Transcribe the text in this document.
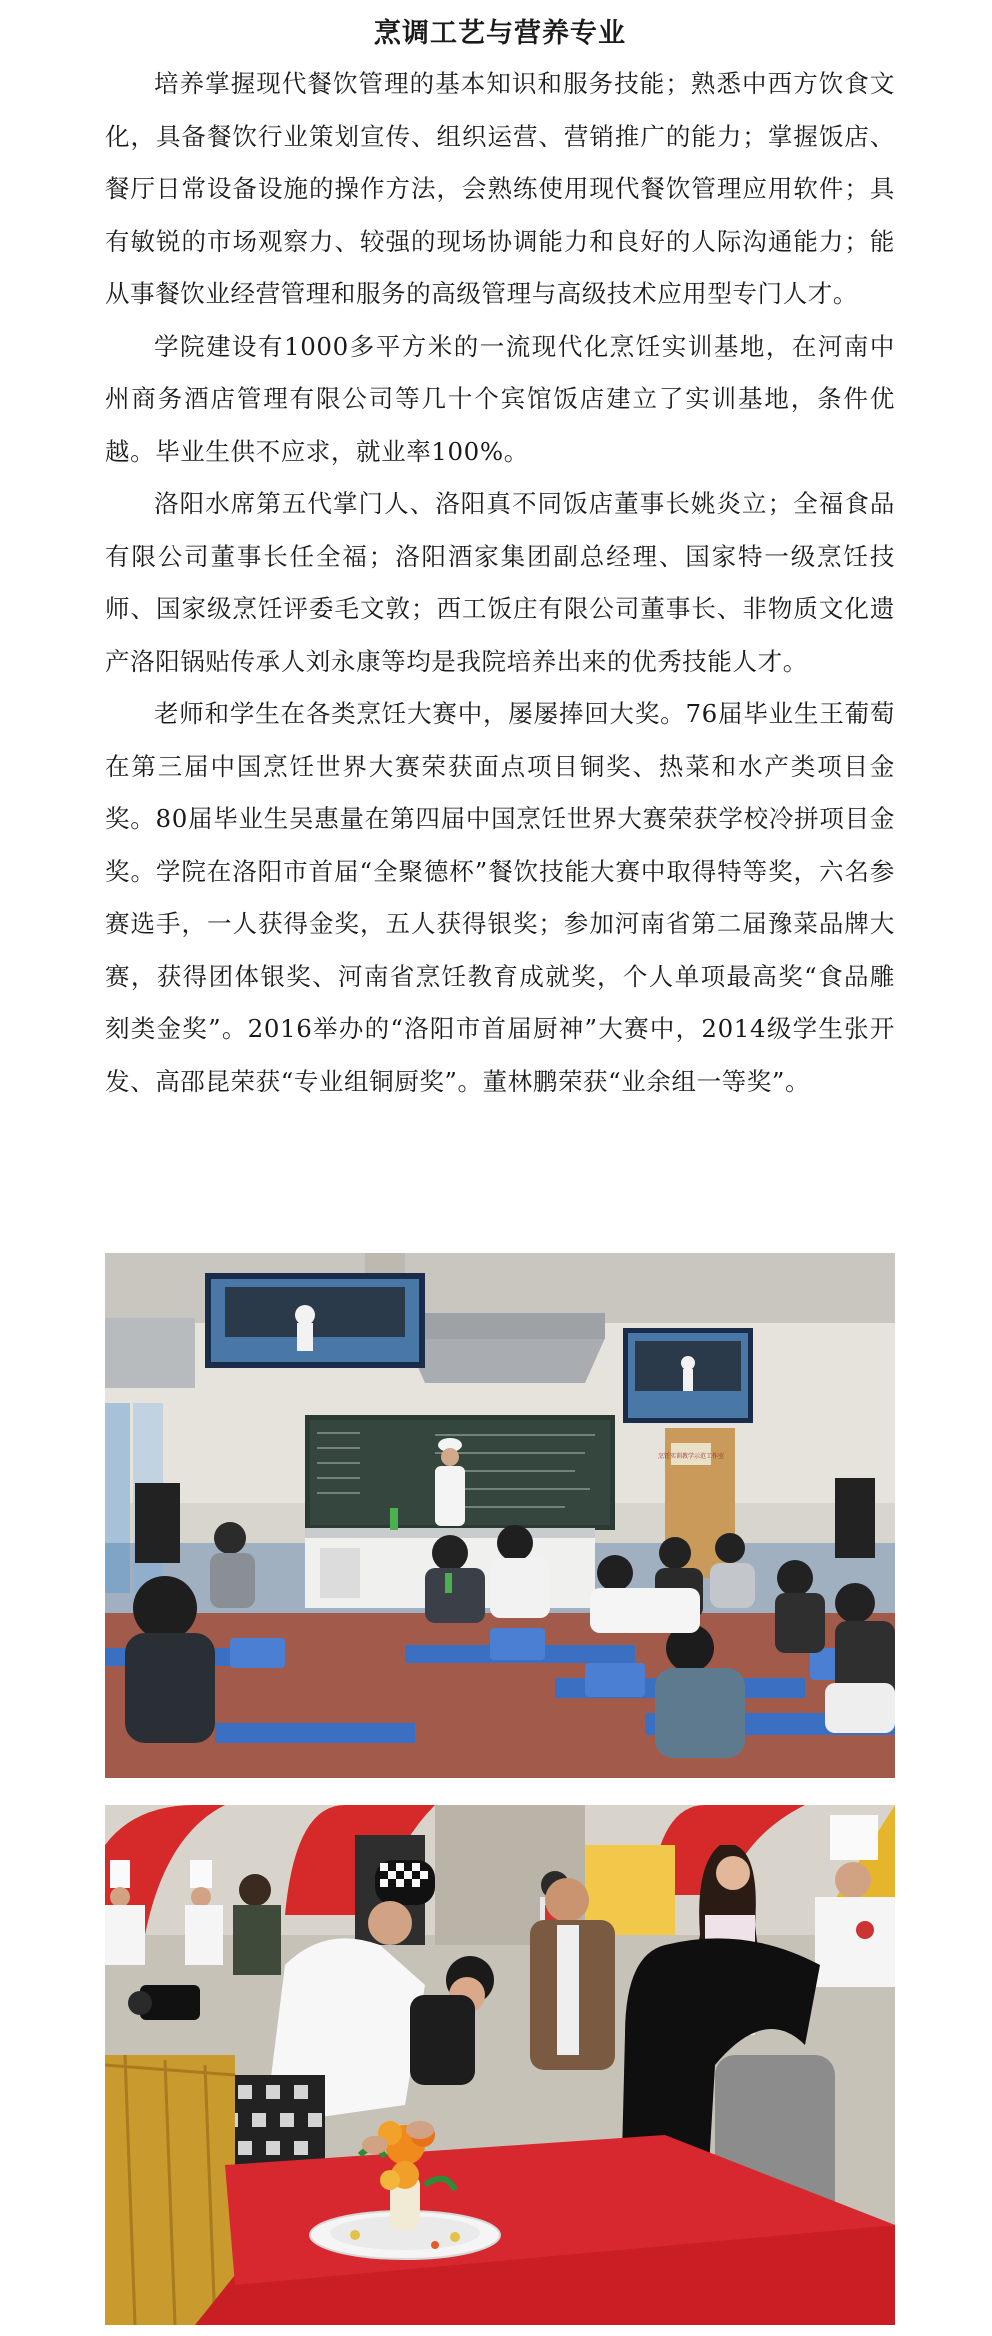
烹调工艺与营养专业

培养掌握现代餐饮管理的基本知识和服务技能；熟悉中西方饮食文化，具备餐饮行业策划宣传、组织运营、营销推广的能力；掌握饭店、餐厅日常设备设施的操作方法，会熟练使用现代餐饮管理应用软件；具有敏锐的市场观察力、较强的现场协调能力和良好的人际沟通能力；能从事餐饮业经营管理和服务的高级管理与高级技术应用型专门人才。

学院建设有1000多平方米的一流现代化烹饪实训基地，在河南中州商务酒店管理有限公司等几十个宾馆饭店建立了实训基地，条件优越。毕业生供不应求，就业率100%。

洛阳水席第五代掌门人、洛阳真不同饭店董事长姚炎立；全福食品有限公司董事长任全福；洛阳酒家集团副总经理、国家特一级烹饪技师、国家级烹饪评委毛文敦；西工饭庄有限公司董事长、非物质文化遗产洛阳锅贴传承人刘永康等均是我院培养出来的优秀技能人才。

老师和学生在各类烹饪大赛中，屡屡捧回大奖。76届毕业生王葡萄在第三届中国烹饪世界大赛荣获面点项目铜奖、热菜和水产类项目金奖。80届毕业生吴惠量在第四届中国烹饪世界大赛荣获学校冷拼项目金奖。学院在洛阳市首届“全聚德杯”餐饮技能大赛中取得特等奖，六名参赛选手，一人获得金奖，五人获得银奖；参加河南省第二届豫菜品牌大赛，获得团体银奖、河南省烹饪教育成就奖，个人单项最高奖“食品雕刻类金奖”。2016举办的“洛阳市首届厨神”大赛中，2014级学生张开发、高邵昆荣获“专业组铜厨奖”。董林鹏荣获“业余组一等奖”。

烹饪实训教学示范工作室
